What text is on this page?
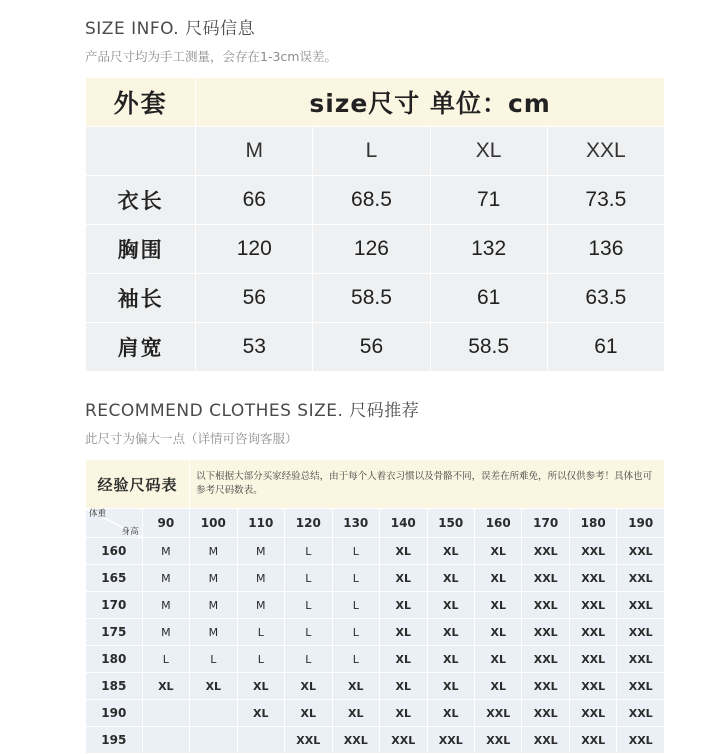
SIZE INFO. 尺码信息
产品尺寸均为手工测量，会存在1-3cm误差。
外套	size尺寸 单位：cm			
	M	L	XL	XXL
衣长	66	68.5	71	73.5
胸围	120	126	132	136
袖长	56	58.5	61	63.5
肩宽	53	56	58.5	61
RECOMMEND CLOTHES SIZE. 尺码推荐
此尺寸为偏大一点（详情可咨询客服）
经验尺码表		以下根据大部分买家经验总结，由于每个人着衣习惯以及骨骼不同，误差在所难免，所以仅供参考！具体也可参考尺码数表。									

体重
身高	90	100	110	120	130	140	150	160	170	180	190
160	M	M	M	L	L	XL	XL	XL	XXL	XXL	XXL
165	M	M	M	L	L	XL	XL	XL	XXL	XXL	XXL
170	M	M	M	L	L	XL	XL	XL	XXL	XXL	XXL
175	M	M	L	L	L	XL	XL	XL	XXL	XXL	XXL
180	L	L	L	L	L	XL	XL	XL	XXL	XXL	XXL
185	XL	XL	XL	XL	XL	XL	XL	XL	XXL	XXL	XXL
190			XL	XL	XL	XL	XL	XXL	XXL	XXL	XXL
195				XXL	XXL	XXL	XXL	XXL	XXL	XXL	XXL
